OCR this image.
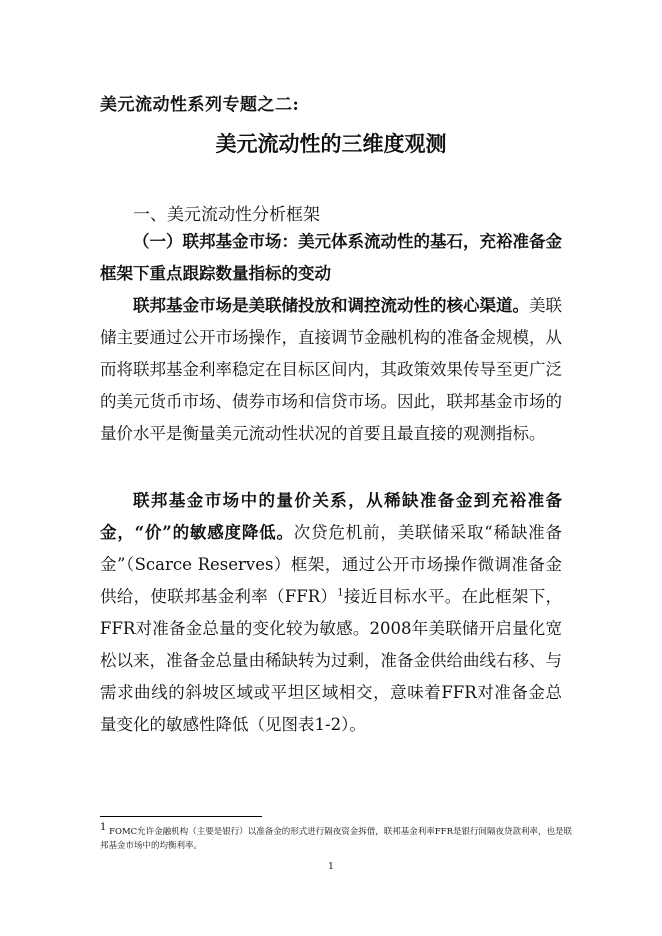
美元流动性系列专题之二:
美元流动性的三维度观测
一、美元流动性分析框架
（一）联邦基金市场：美元体系流动性的基石，充裕准备金框架下重点跟踪数量指标的变动
联邦基金市场是美联储投放和调控流动性的核心渠道。美联储主要通过公开市场操作，直接调节金融机构的准备金规模，从而将联邦基金利率稳定在目标区间内，其政策效果传导至更广泛的美元货币市场、债券市场和信贷市场。因此，联邦基金市场的量价水平是衡量美元流动性状况的首要且最直接的观测指标。
联邦基金市场中的量价关系，从稀缺准备金到充裕准备金，“价”的敏感度降低。次贷危机前，美联储采取“稀缺准备金”（Scarce Reserves）框架，通过公开市场操作微调准备金供给，使联邦基金利率（FFR）$^1$接近目标水平。在此框架下，FFR对准备金总量的变化较为敏感。2008年美联储开启量化宽松以来，准备金总量由稀缺转为过剩，准备金供给曲线右移、与需求曲线的斜坡区域或平坦区域相交，意味着FFR对准备金总量变化的敏感性降低（见图表1-2）。
$^1$ FOMC允许金融机构（主要是银行）以准备金的形式进行隔夜资金拆借，联邦基金利率FFR是银行间隔夜贷款利率，也是联邦基金市场中的均衡利率。
1
